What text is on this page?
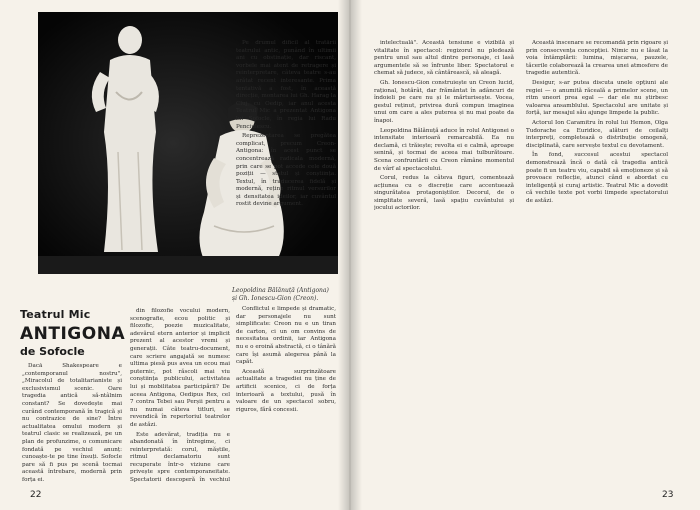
Leopoldina Bălănuță (Antigona)
și Gh. Ionescu-Gion (Creon).
Teatrul Mic
ANTIGONA
de Sofocle

Dacă Shakespeare e „contemporanul nostru", „Miracolul de totalitarianiste și exclusivismul scenic. Oare tragedia antică să-ntâlnim constant? Se dovedește mai curând contemporană în tragică și nu contrazice de sine? Între actualitatea omului modern și teatrul clasic se realizează, pe un plan de profunzime, o comunicare fondată pe vechiul anunț: cunoaște-te pe tine însuți. Sofocle pare să fi pus pe scenă tocmai această întrebare, modernă prin forța ei.

din filozofie vocului modern, scenografie, ecou politic și filozofic, poezie muzicalitate, adevărul etern anterior și implicit prezent al acestor vremi și generații. Câte teatru-document, care scriere angajată se numesc ultima piesă pus avea un ecou mai puternic, pot răscoli mai viu conștiința publicului, activitatea lui și mobilitatea participării? De aceea Antigona, Oedipus Rex, cel 7 contra Tebei sau Perșii pentru a nu numai câteva titluri, se revendică în repertoriul teatrelor de astăzi.

Este adevărat, tradiția nu e abandonată în întregime, ci reinterpretată: corul, măștile, ritmul declamatoriu sunt recuperate într-o viziune care privește spre contemporaneitate. Spectatorii descoperă în vechiul

Pe drumul dificil al tratării teatrului antic, punând în ultimii ani cu obstinație, dar riscant, vorbele mai atent de retragere și reinterpretare, câteva teatre s-au arătat recent interesante. Prima tentativă a fost, în această direcție, montarea lui Gh. Harag la Cluj, cu Oedip, iar anul acesta Teatrul Mic a prezentat Antigona lui Sofocle, în regia lui Radu Penciulescu.

Reprezentarea se pregătea complicat, precum Creon-Antigona: în acest punct se concentrează radicala modernă, prin care se pot accede cele două poziții — statul și conștiința. Textul, în traducerea fidelă și modernă, reține ritmul versurilor și densitatea ideilor, iar cuvântul rostit devine argument.

Conflictul e limpede și dramatic, dar personajele nu sunt simplificate: Creon nu e un tiran de carton, ci un om convins de necesitatea ordinii, iar Antigona nu e o eroină abstractă, ci o tânără care își asumă alegerea până la capăt.

Această surprinzătoare actualitate a tragediei nu ține de artificii scenice, ci de forța interioară a textului, pusă în valoare de un spectacol sobru, riguros, fără concesii.

22

intelectuală". Această tensiune e vizibilă și vitalitate în spectacol: regizorul nu pledează pentru unul sau altul dintre personaje, ci lasă argumentele să se înfrunte liber. Spectatorul e chemat să judece, să cântărească, să aleagă.

Gh. Ionescu-Gion construiește un Creon lucid, rațional, hotărât, dar frământat în adâncuri de îndoieli pe care nu și le mărturisește. Vocea, gestul reținut, privirea dură compun imaginea unui om care a ales puterea și nu mai poate da înapoi.

Leopoldina Bălănuță aduce în rolul Antigonei o intensitate interioară remarcabilă. Ea nu declamă, ci trăiește; revolta ei e calmă, aproape senină, și tocmai de aceea mai tulburătoare. Scena confruntării cu Creon rămâne momentul de vârf al spectacolului.

Corul, redus la câteva figuri, comentează acțiunea cu o discreție care accentuează singurătatea protagoniștilor. Decorul, de o simplitate severă, lasă spațiu cuvântului și jocului actorilor.

Această înscenare se recomandă prin rigoare și prin consecvența concepției. Nimic nu e lăsat la voia întâmplării: lumina, mișcarea, pauzele, tăcerile colaborează la crearea unei atmosfere de tragedie autentică.

Desigur, s-ar putea discuta unele opțiuni ale regiei — o anumită răceală a primelor scene, un ritm uneori prea egal — dar ele nu știrbesc valoarea ansamblului. Spectacolul are unitate și forță, iar mesajul său ajunge limpede la public.

Actorul Ion Caramitru în rolul lui Hemon, Olga Tudorache ca Euridice, alături de ceilalți interpreți, completează o distribuție omogenă, disciplinată, care servește textul cu devotament.

În fond, succesul acestui spectacol demonstrează încă o dată că tragedia antică poate fi un teatru viu, capabil să emoționeze și să provoace reflecție, atunci când e abordat cu inteligență și curaj artistic. Teatrul Mic a dovedit că vechile texte pot vorbi limpede spectatorului de astăzi.

23
